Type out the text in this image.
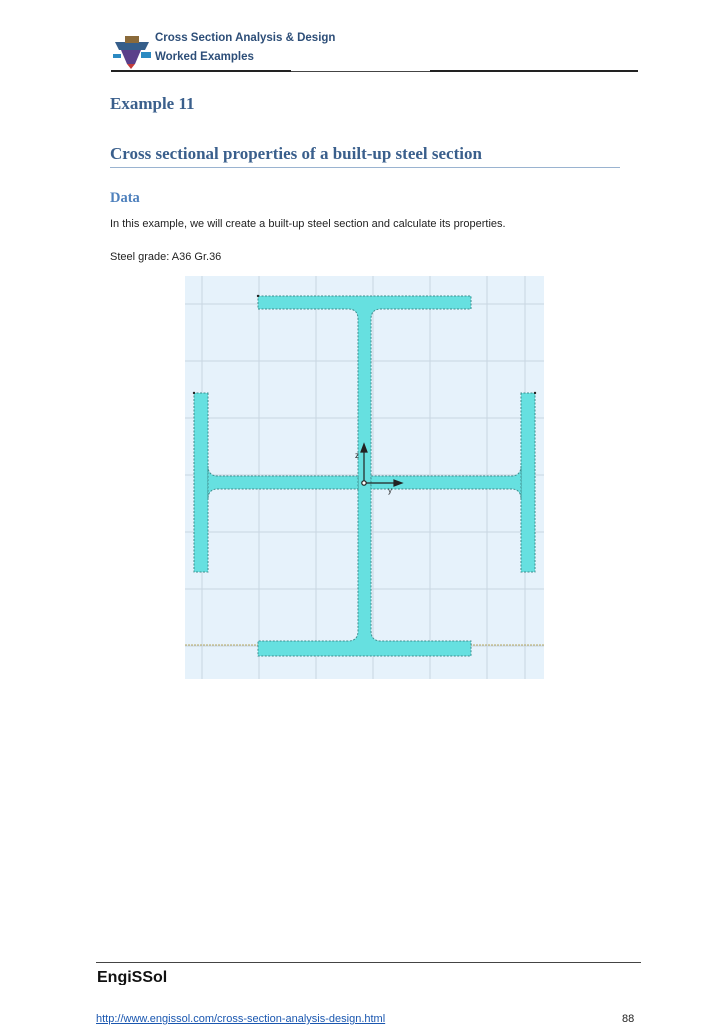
Cross Section Analysis & Design
Worked Examples
Example 11
Cross sectional properties of a built-up steel section
Data
In this example, we will create a built-up steel section and calculate its properties.
Steel grade: A36 Gr.36
z
y
EngiSSol
http://www.engissol.com/cross-section-analysis-design.html	88
